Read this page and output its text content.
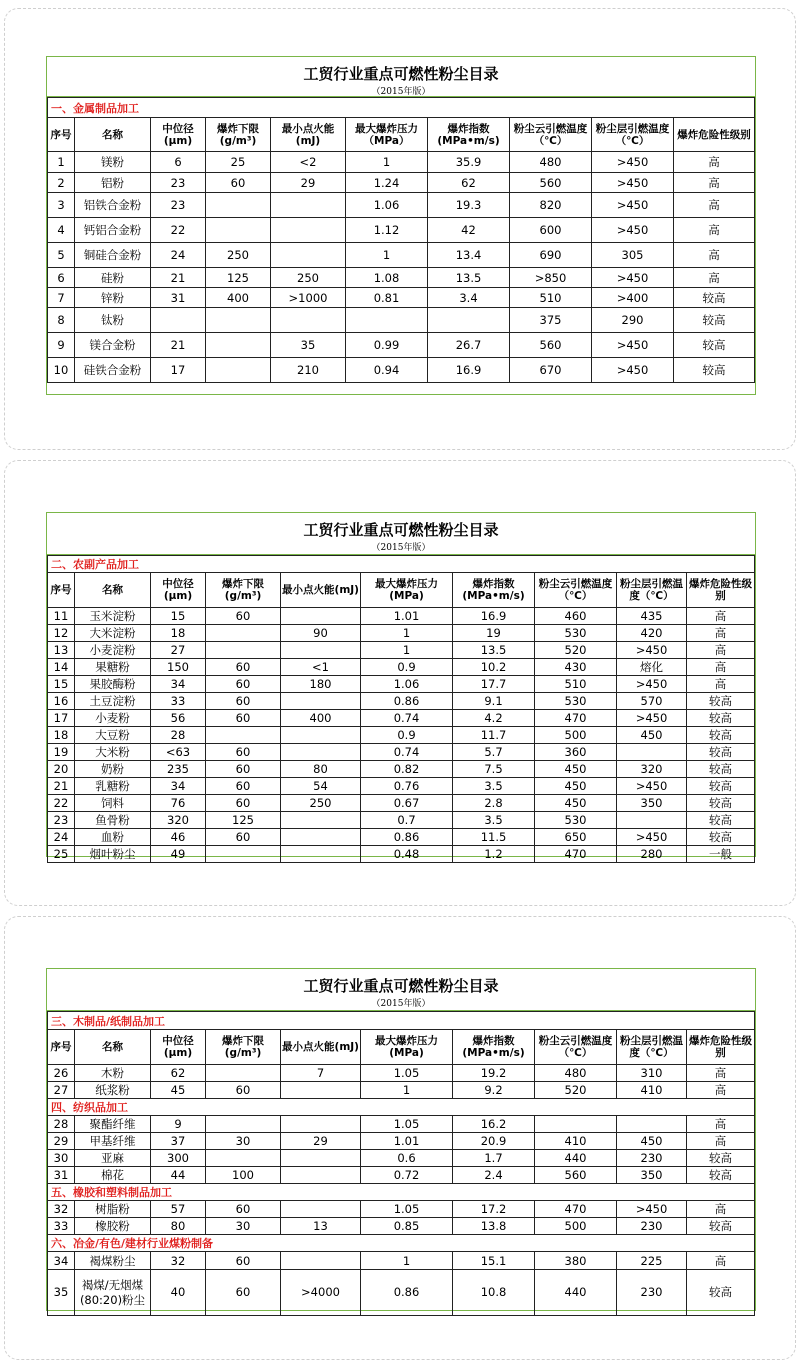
工贸行业重点可燃性粉尘目录
（2015年版）
一、金属制品加工									
序号	名称	中位径(μm)	爆炸下限(g/m³)	最小点火能(mJ)	最大爆炸压力（MPa）	爆炸指数(MPa•m/s)	粉尘云引燃温度（℃）	粉尘层引燃温度（℃）	爆炸危险性级别
1	镁粉	6	25	<2	1	35.9	480	>450	高
2	铝粉	23	60	29	1.24	62	560	>450	高
3	铝铁合金粉	23			1.06	19.3	820	>450	高
4	钙铝合金粉	22			1.12	42	600	>450	高
5	铜硅合金粉	24	250		1	13.4	690	305	高
6	硅粉	21	125	250	1.08	13.5	>850	>450	高
7	锌粉	31	400	>1000	0.81	3.4	510	>400	较高
8	钛粉						375	290	较高
9	镁合金粉	21		35	0.99	26.7	560	>450	较高
10	硅铁合金粉	17		210	0.94	16.9	670	>450	较高
工贸行业重点可燃性粉尘目录
（2015年版）
二、农副产品加工									
序号	名称	中位径(μm)	爆炸下限(g/m³)	最小点火能(mJ)	最大爆炸压力(MPa)	爆炸指数(MPa•m/s)	粉尘云引燃温度（℃）	粉尘层引燃温度（℃）	爆炸危险性级别
11	玉米淀粉	15	60		1.01	16.9	460	435	高
12	大米淀粉	18		90	1	19	530	420	高
13	小麦淀粉	27			1	13.5	520	>450	高
14	果糖粉	150	60	<1	0.9	10.2	430	熔化	高
15	果胶酶粉	34	60	180	1.06	17.7	510	>450	高
16	土豆淀粉	33	60		0.86	9.1	530	570	较高
17	小麦粉	56	60	400	0.74	4.2	470	>450	较高
18	大豆粉	28			0.9	11.7	500	450	较高
19	大米粉	<63	60		0.74	5.7	360		较高
20	奶粉	235	60	80	0.82	7.5	450	320	较高
21	乳糖粉	34	60	54	0.76	3.5	450	>450	较高
22	饲料	76	60	250	0.67	2.8	450	350	较高
23	鱼骨粉	320	125		0.7	3.5	530		较高
24	血粉	46	60		0.86	11.5	650	>450	较高
25	烟叶粉尘	49			0.48	1.2	470	280	一般
工贸行业重点可燃性粉尘目录
（2015年版）
三、木制品/纸制品加工									
序号	名称	中位径(μm)	爆炸下限(g/m³)	最小点火能(mJ)	最大爆炸压力(MPa)	爆炸指数(MPa•m/s)	粉尘云引燃温度（℃）	粉尘层引燃温度（℃）	爆炸危险性级别
26	木粉	62		7	1.05	19.2	480	310	高
27	纸浆粉	45	60		1	9.2	520	410	高
四、纺织品加工									
28	聚酯纤维	9			1.05	16.2			高
29	甲基纤维	37	30	29	1.01	20.9	410	450	高
30	亚麻	300			0.6	1.7	440	230	较高
31	棉花	44	100		0.72	2.4	560	350	较高
五、橡胶和塑料制品加工									
32	树脂粉	57	60		1.05	17.2	470	>450	高
33	橡胶粉	80	30	13	0.85	13.8	500	230	较高
六、冶金/有色/建材行业煤粉制备									
34	褐煤粉尘	32	60		1	15.1	380	225	高
35	褐煤/无烟煤(80:20)粉尘	40	60	>4000	0.86	10.8	440	230	较高
